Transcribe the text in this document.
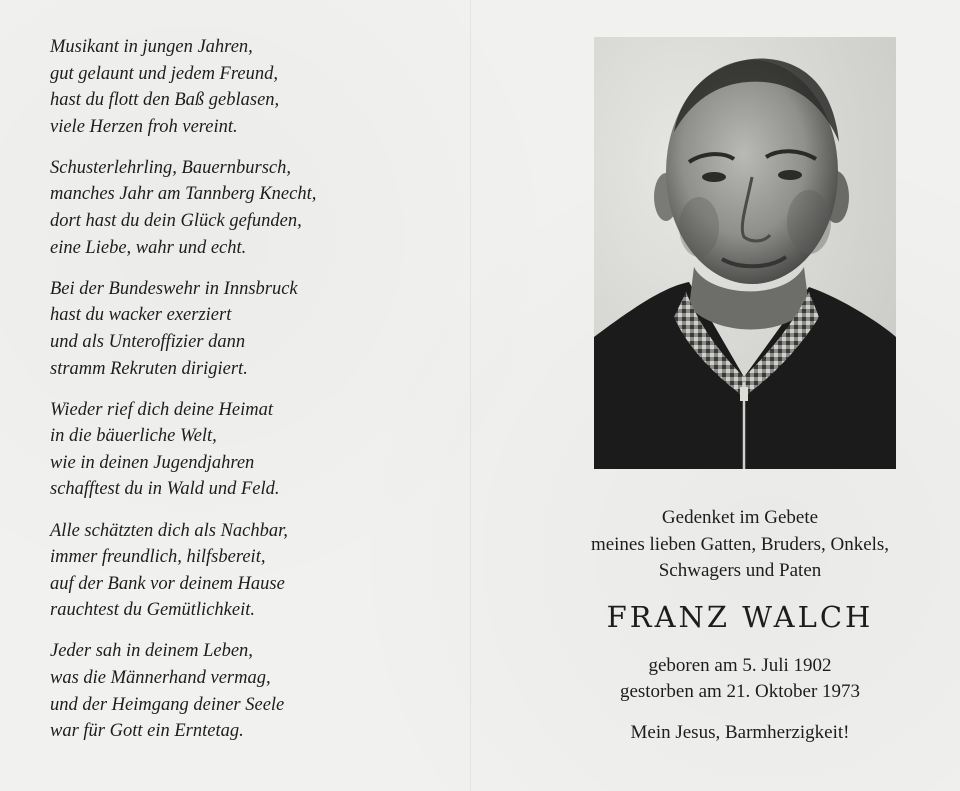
Musikant in jungen Jahren,
gut gelaunt und jedem Freund,
hast du flott den Baß geblasen,
viele Herzen froh vereint.
Schusterlehrling, Bauernbursch,
manches Jahr am Tannberg Knecht,
dort hast du dein Glück gefunden,
eine Liebe, wahr und echt.
Bei der Bundeswehr in Innsbruck
hast du wacker exerziert
und als Unteroffizier dann
stramm Rekruten dirigiert.
Wieder rief dich deine Heimat
in die bäuerliche Welt,
wie in deinen Jugendjahren
schafftest du in Wald und Feld.
Alle schätzten dich als Nachbar,
immer freundlich, hilfsbereit,
auf der Bank vor deinem Hause
rauchtest du Gemütlichkeit.
Jeder sah in deinem Leben,
was die Männerhand vermag,
und der Heimgang deiner Seele
war für Gott ein Erntetag.
Gedenket im Gebete
meines lieben Gatten, Bruders, Onkels,
Schwagers und Paten
FRANZ WALCH
geboren am 5. Juli 1902
gestorben am 21. Oktober 1973
Mein Jesus, Barmherzigkeit!
